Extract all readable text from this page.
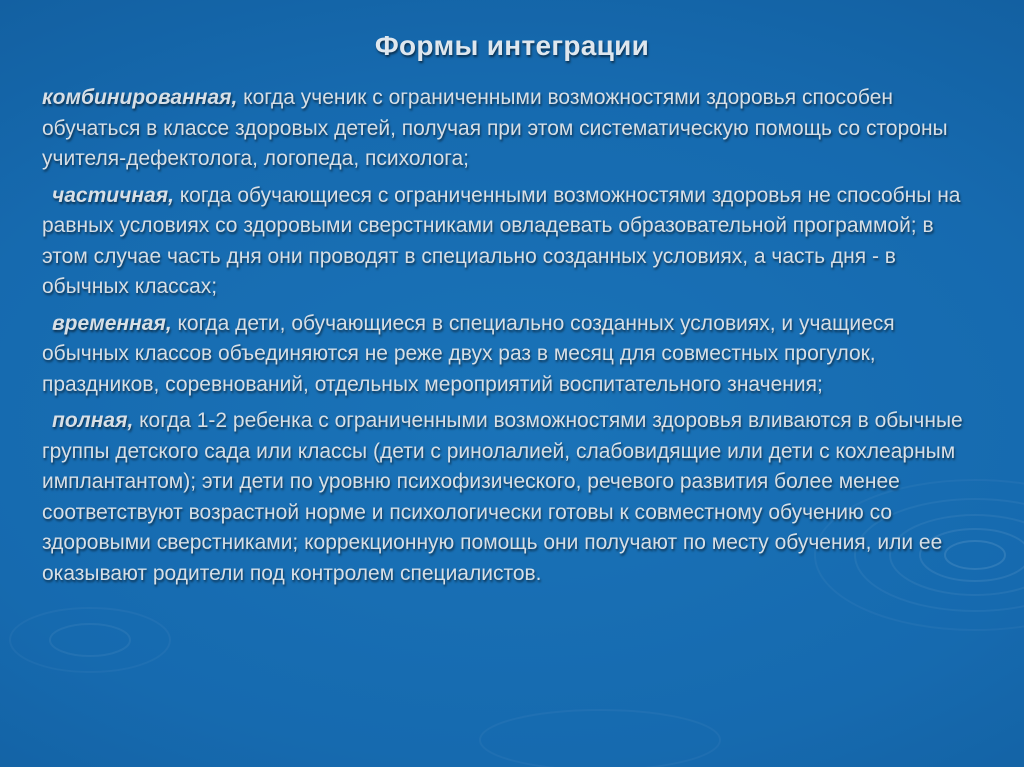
Формы интеграции

комбинированная, когда ученик с ограниченными возможностями здоровья способен обучаться в классе здоровых детей, получая при этом систематическую помощь со стороны учителя-дефектолога, логопеда, психолога;

частичная, когда обучающиеся с ограниченными возможностями здоровья не способны на равных условиях со здоровыми сверстниками овладевать образовательной программой; в этом случае часть дня они проводят в специально созданных условиях, а часть дня - в обычных классах;

временная, когда дети, обучающиеся в специально созданных условиях, и учащиеся обычных классов объединяются не реже двух раз в месяц для совместных прогулок, праздников, соревнований, отдельных мероприятий воспитательного значения;

полная, когда 1-2 ребенка с ограниченными возможностями здоровья вливаются в обычные группы детского сада или классы (дети с ринолалией, слабовидящие или дети с кохлеарным имплантантом); эти дети по уровню психофизического, речевого развития более менее соответствуют возрастной норме и психологически готовы к совместному обучению со здоровыми сверстниками; коррекционную помощь они получают по месту обучения, или ее оказывают родители под контролем специалистов.
